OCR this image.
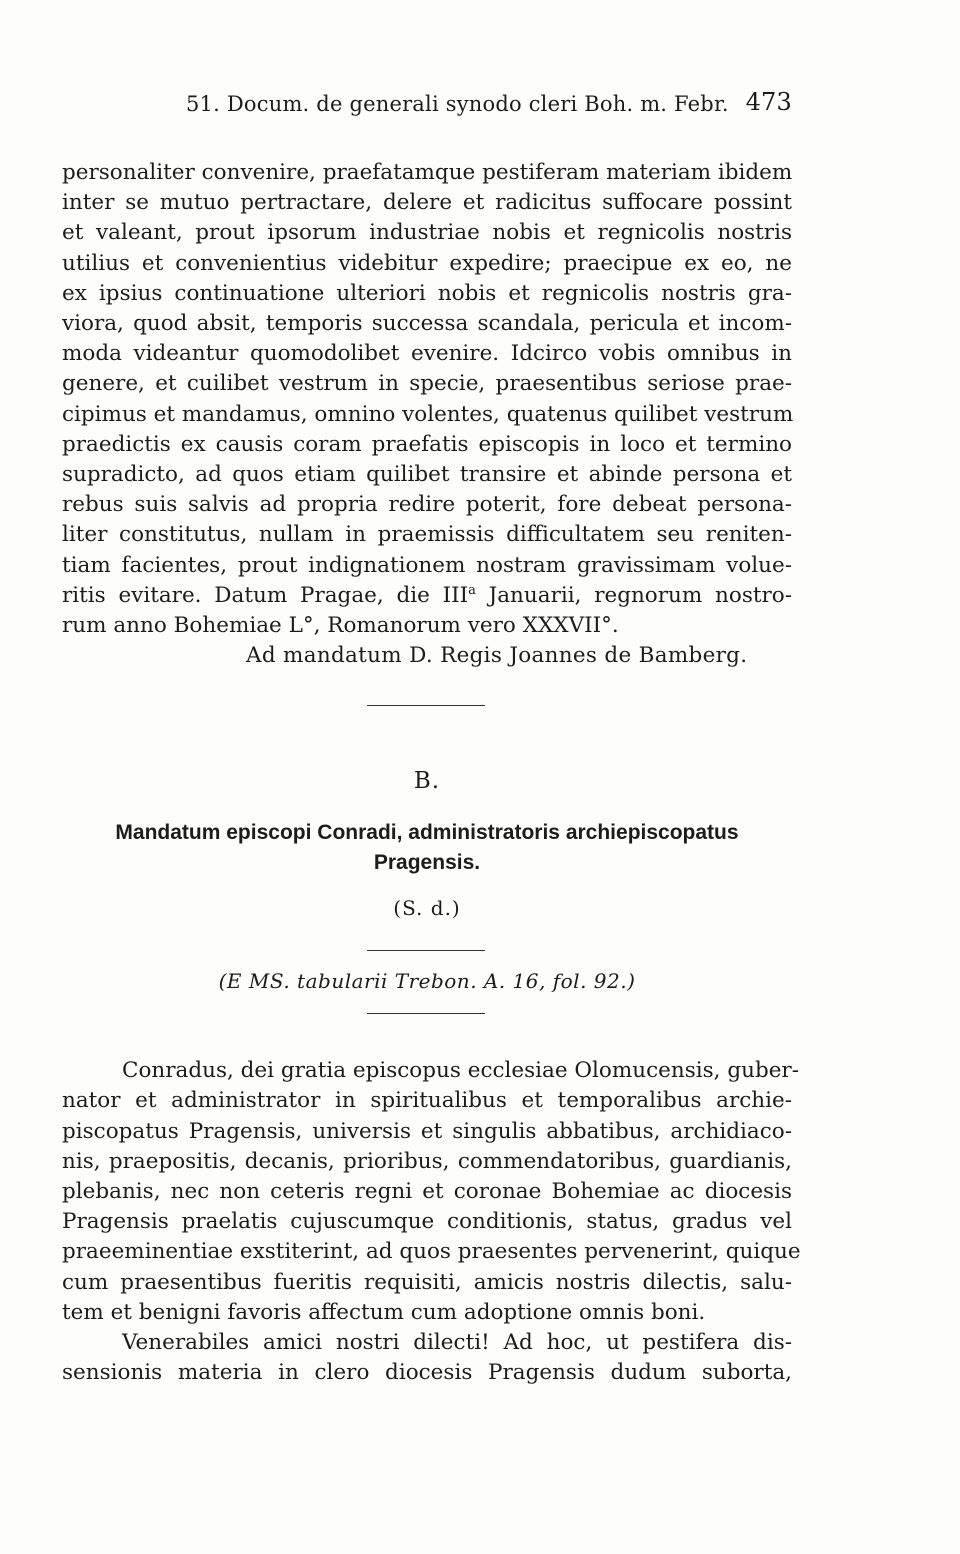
51. Docum. de generali synodo cleri Boh. m. Febr. 473

personaliter convenire, praefatamque pestiferam materiam ibidem
inter se mutuo pertractare, delere et radicitus suffocare possint
et valeant, prout ipsorum industriae nobis et regnicolis nostris
utilius et convenientius videbitur expedire; praecipue ex eo, ne
ex ipsius continuatione ulteriori nobis et regnicolis nostris gra-
viora, quod absit, temporis successa scandala, pericula et incom-
moda videantur quomodolibet evenire. Idcirco vobis omnibus in
genere, et cuilibet vestrum in specie, praesentibus seriose prae-
cipimus et mandamus, omnino volentes, quatenus quilibet vestrum
praedictis ex causis coram praefatis episcopis in loco et termino
supradicto, ad quos etiam quilibet transire et abinde persona et
rebus suis salvis ad propria redire poterit, fore debeat persona-
liter constitutus, nullam in praemissis difficultatem seu reniten-
tiam facientes, prout indignationem nostram gravissimam volue-
ritis evitare. Datum Pragae, die III$^a$ Januarii, regnorum nostro-
rum anno Bohemiae L°, Romanorum vero XXXVII°.

Ad mandatum D. Regis Joannes de Bamberg.

B.
Mandatum episcopi Conradi, administratoris archiepiscopatus
Pragensis.
(S. d.)
(E MS. tabularii Trebon. A. 16, fol. 92.)

Conradus, dei gratia episcopus ecclesiae Olomucensis, guber-
nator et administrator in spiritualibus et temporalibus archie-
piscopatus Pragensis, universis et singulis abbatibus, archidiaco-
nis, praepositis, decanis, prioribus, commendatoribus, guardianis,
plebanis, nec non ceteris regni et coronae Bohemiae ac diocesis
Pragensis praelatis cujuscumque conditionis, status, gradus vel
praeeminentiae exstiterint, ad quos praesentes pervenerint, quique
cum praesentibus fueritis requisiti, amicis nostris dilectis, salu-
tem et benigni favoris affectum cum adoptione omnis boni.

Venerabiles amici nostri dilecti! Ad hoc, ut pestifera dis-
sensionis materia in clero diocesis Pragensis dudum suborta,
